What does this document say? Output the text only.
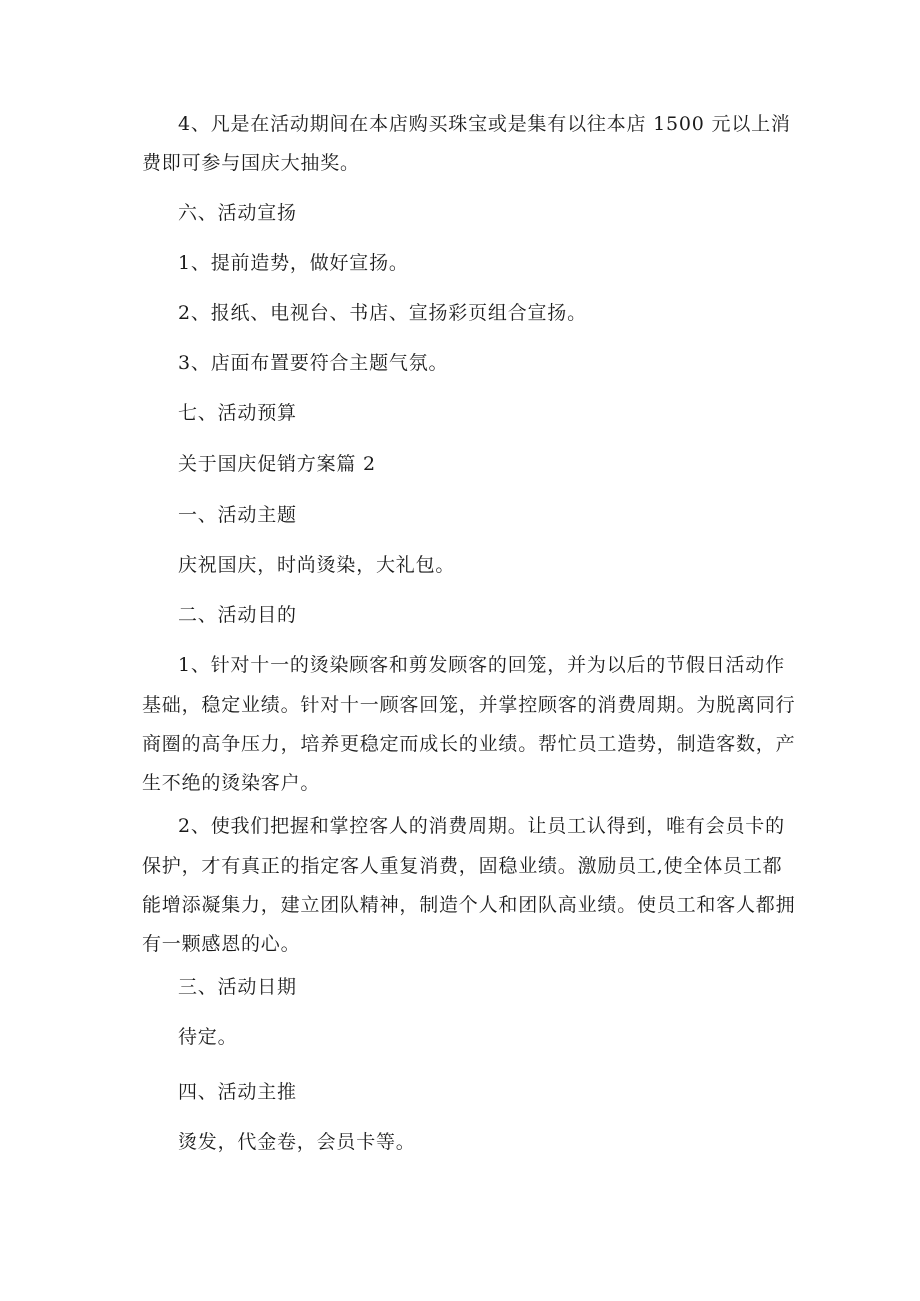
4、凡是在活动期间在本店购买珠宝或是集有以往本店 1500 元以上消
费即可参与国庆大抽奖。
六、活动宣扬
1、提前造势，做好宣扬。
2、报纸、电视台、书店、宣扬彩页组合宣扬。
3、店面布置要符合主题气氛。
七、活动预算
关于国庆促销方案篇 2
一、活动主题
庆祝国庆，时尚烫染，大礼包。
二、活动目的
1、针对十一的烫染顾客和剪发顾客的回笼，并为以后的节假日活动作
基础，稳定业绩。针对十一顾客回笼，并掌控顾客的消费周期。为脱离同行
商圈的高争压力，培养更稳定而成长的业绩。帮忙员工造势，制造客数，产
生不绝的烫染客户。
2、使我们把握和掌控客人的消费周期。让员工认得到，唯有会员卡的
保护，才有真正的指定客人重复消费，固稳业绩。激励员工,使全体员工都
能增添凝集力，建立团队精神，制造个人和团队高业绩。使员工和客人都拥
有一颗感恩的心。
三、活动日期
待定。
四、活动主推
烫发，代金卷，会员卡等。
